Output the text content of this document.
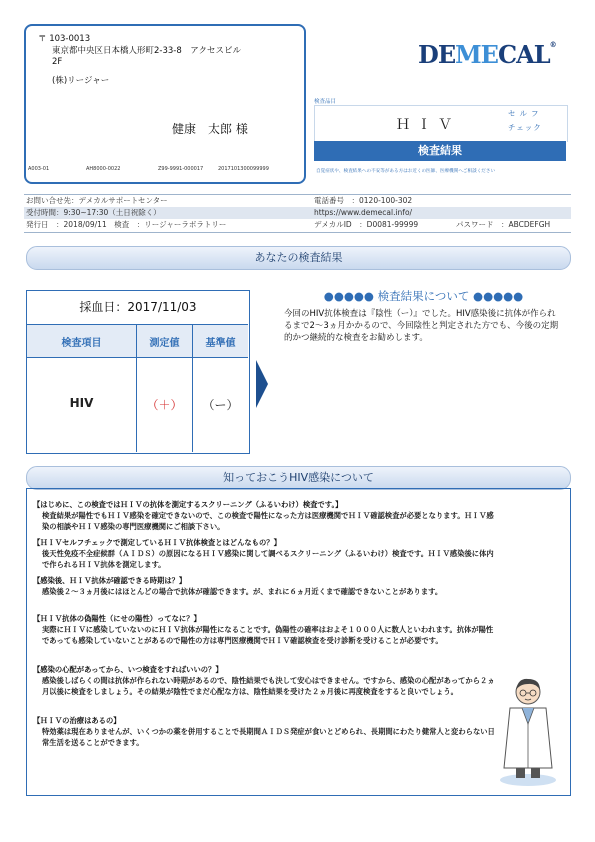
〒 103-0013
東京都中央区日本橋人形町2-33-8　アクセスビル
2F
(株)リージャー
健康　太郎 様
A003-01	AH8000-0022	Z99-9991-000017	2017101300099999
DEMECAL®
検査品目
ＨＩＶ
セルフ
チェック
検査結果
自覚症状や、検査結果への不安等がある方はお近くの医師、医療機関へご相談ください
お問い合せ先：デメカルサポートセンター	電話番号　：0120-100-302
受付時間：9:30~17:30（土日祝除く）	https://www.demecal.info/
発行日　：2018/09/11　検査　：リージャーラボラトリー	デメカルID　：D0081-99999	パスワード　：ABCDEFGH
あなたの検査結果
採血日：2017/11/03
検査項目	測定値	基準値
HIV	（＋）	（ー）
●●●●● 検査結果について ●●●●●
今回のHIV抗体検査は『陰性（ー）』でした。HIV感染後に抗体が作られるまで2～3ヵ月かかるので、今回陰性と判定された方でも、今後の定期的かつ継続的な検査をお勧めします。
知っておこうHIV感染について
【はじめに、この検査ではＨＩＶの抗体を測定するスクリーニング（ふるいわけ）検査です。】
検査結果が陽性でもＨＩＶ感染を確定できないので、この検査で陽性になった方は医療機関でＨＩＶ確認検査が必要となります。ＨＩＶ感染の相談やＨＩＶ感染の専門医療機関にご相談下さい。
【ＨＩＶセルフチェックで測定しているＨＩＶ抗体検査とはどんなもの？】
後天性免疫不全症候群（ＡＩＤＳ）の原因になるＨＩＶ感染に関して調べるスクリーニング（ふるいわけ）検査です。ＨＩＶ感染後に体内で作られるＨＩＶ抗体を測定します。
【感染後、ＨＩＶ抗体が確認できる時期は？】
感染後２～３ヵ月後にはほとんどの場合で抗体が確認できます。が、まれに６ヵ月近くまで確認できないことがあります。
【ＨＩＶ抗体の偽陽性（にせの陽性）ってなに？】
実際にＨＩＶに感染していないのにＨＩＶ抗体が陽性になることです。偽陽性の確率はおよそ１０００人に数人といわれます。抗体が陽性であっても感染していないことがあるので陽性の方は専門医療機関でＨＩＶ確認検査を受け診断を受けることが必要です。
【感染の心配があってから、いつ検査をすればいいの？】
感染後しばらくの間は抗体が作られない時期があるので、陰性結果でも決して安心はできません。ですから、感染の心配があってから２ヵ月以後に検査をしましょう。その結果が陰性でまだ心配な方は、陰性結果を受けた２ヵ月後に再度検査をすると良いでしょう。
【ＨＩＶの治療はあるの】
特効薬は現在ありませんが、いくつかの薬を併用することで長期間ＡＩＤＳ発症が食いとどめられ、長期間にわたり健常人と変わらない日常生活を送ることができます。
